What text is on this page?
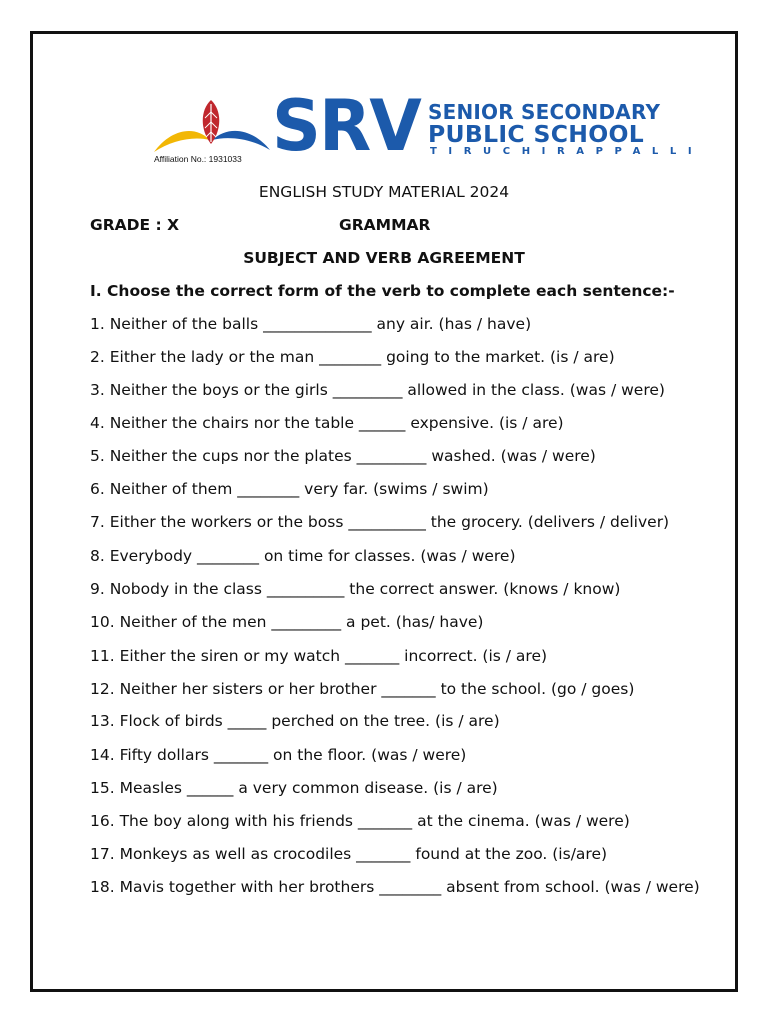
Affiliation No.: 1931033 SRV SENIOR SECONDARY
PUBLIC SCHOOL
TIRUCHIRAPPALLI
ENGLISH STUDY MATERIAL 2024
GRADE : X	GRAMMAR
SUBJECT AND VERB AGREEMENT
I. Choose the correct form of the verb to complete each sentence:-
1. Neither of the balls ______________ any air. (has / have)
2. Either the lady or the man ________ going to the market. (is / are)
3. Neither the boys or the girls _________ allowed in the class. (was / were)
4. Neither the chairs nor the table ______ expensive. (is / are)
5. Neither the cups nor the plates _________ washed. (was / were)
6. Neither of them ________ very far. (swims / swim)
7. Either the workers or the boss __________ the grocery. (delivers / deliver)
8. Everybody ________ on time for classes. (was / were)
9. Nobody in the class __________ the correct answer. (knows / know)
10. Neither of the men _________ a pet. (has/ have)
11. Either the siren or my watch _______ incorrect. (is / are)
12. Neither her sisters or her brother _______ to the school. (go / goes)
13. Flock of birds _____ perched on the tree. (is / are)
14. Fifty dollars _______ on the floor. (was / were)
15. Measles ______ a very common disease. (is / are)
16. The boy along with his friends _______ at the cinema. (was / were)
17. Monkeys as well as crocodiles _______ found at the zoo. (is/are)
18. Mavis together with her brothers ________ absent from school. (was / were)
